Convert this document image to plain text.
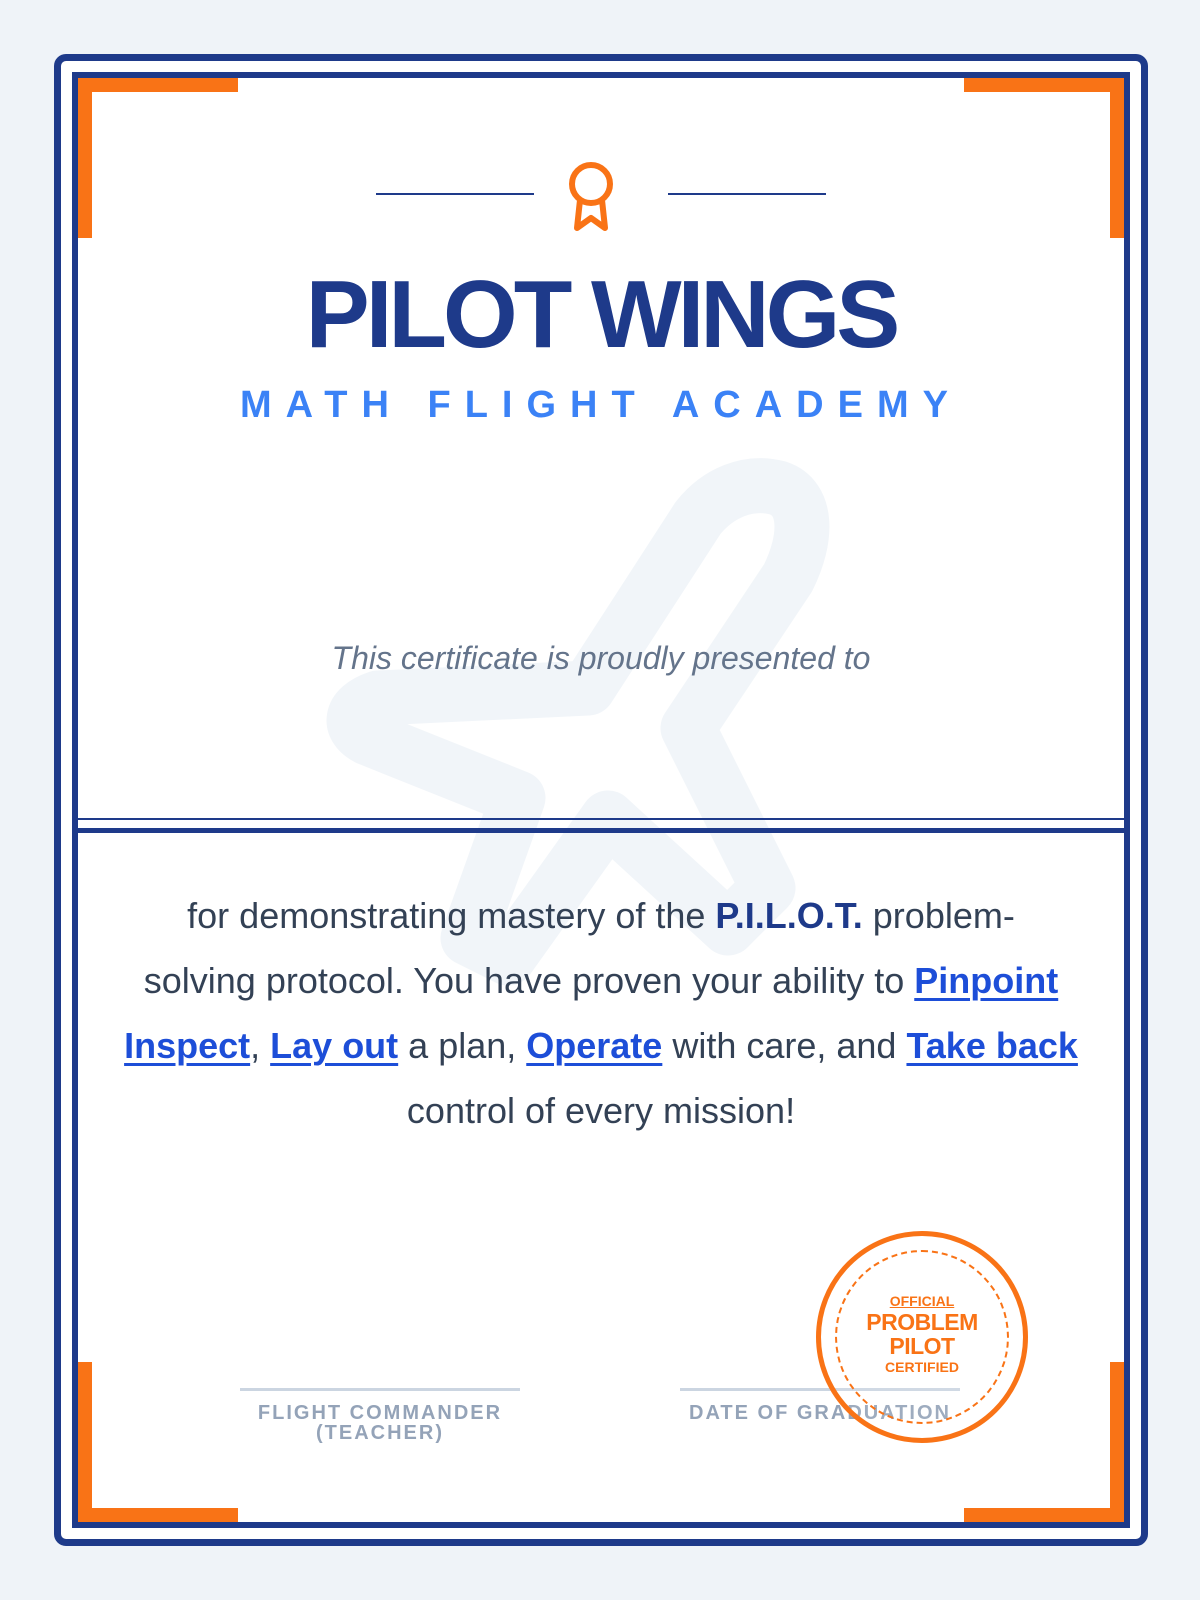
PILOT WINGS
MATH FLIGHT ACADEMY
This certificate is proudly presented to
for demonstrating mastery of the P.I.L.O.T. problem-
solving protocol. You have proven your ability to Pinpoint
Inspect, Lay out a plan, Operate with care, and Take back
control of every mission!
FLIGHT COMMANDER
(TEACHER)
DATE OF GRADUATION
OFFICIAL
PROBLEM
PILOT
CERTIFIED
